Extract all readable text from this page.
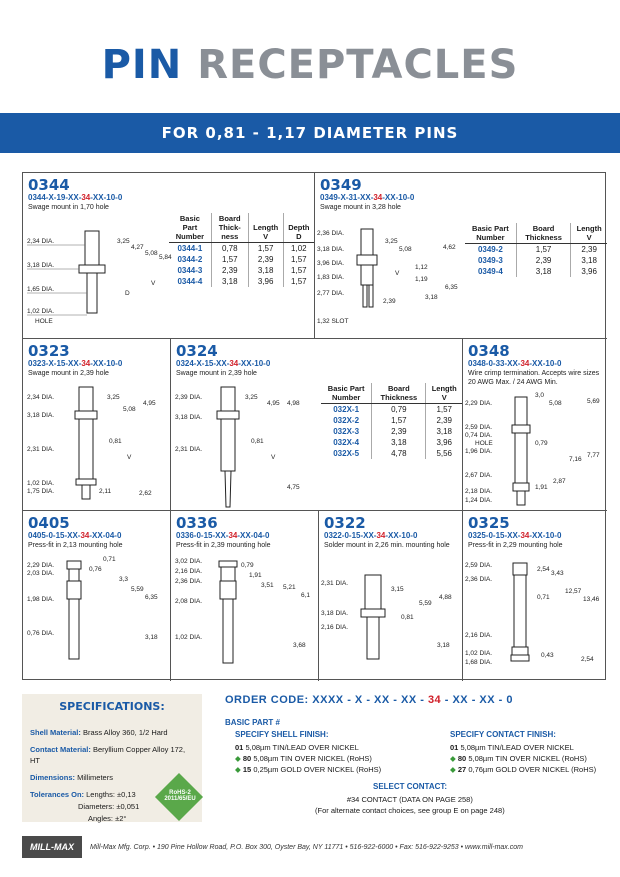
PIN RECEPTACLES
FOR 0,81 - 1,17 DIAMETER PINS
0344
0344-X-19-XX-34-XX-10-0
Swage mount in 1,70 hole
Basic Part Number	Board Thick-ness	Length V	Depth D
0344-1	0,78	1,57	1,02
0344-2	1,57	2,39	1,57
0344-3	2,39	3,18	1,57
0344-4	3,18	3,96	1,57
2,34 DIA.	3,25
4,27
5,08
5,84
3,18 DIA.
1,65 DIA.
D
V
1,02 DIA.
HOLE
0349
0349-X-31-XX-34-XX-10-0
Swage mount in 3,28 hole
Basic Part Number	Board Thickness	Length V
0349-2	1,57	2,39
0349-3	2,39	3,18
0349-4	3,18	3,96
2,36 DIA.
3,25
5,08	4,62
3,18 DIA.
3,96 DIA.
1,12
1,83 DIA.	1,19
6,35
2,77 DIA.
3,18
2,39
1,32 SLOT
V
0323
0323-X-15-XX-34-XX-10-0
Swage mount in 2,39 hole
2,34 DIA.	3,25
5,08
4,95
3,18 DIA.
0,81
2,31 DIA.
V
1,02 DIA.
1,75 DIA.	2,11	2,62
0324
0324-X-15-XX-34-XX-10-0
Swage mount in 2,39 hole
Basic Part Number	Board Thickness	Length V
032X-1	0,79	1,57
032X-2	1,57	2,39
032X-3	2,39	3,18
032X-4	3,18	3,96
032X-5	4,78	5,56
2,39 DIA.	3,25
4,95 4,98
3,18 DIA.
0,81
2,31 DIA.
V
4,75
0348
0348-0-33-XX-34-XX-10-0
Wire crimp termination. Accepts wire sizes 20 AWG Max. / 24 AWG Min.
2,29 DIA.
3,0
5,08	5,69
2,59 DIA.
0,74 DIA.
HOLE
1,96 DIA.
0,79
7,16
7,77
2,67 DIA.
2,87
1,91
2,18 DIA.
1,24 DIA.
0405
0405-0-15-XX-34-XX-04-0
Press-fit in 2,13 mounting hole
2,29 DIA.
0,71
2,03 DIA.
0,76
3,3
5,59
6,35
1,98 DIA.
0,76 DIA.
3,18
0336
0336-0-15-XX-34-XX-04-0
Press-fit in 2,39 mounting hole
3,02 DIA.
0,79
2,16 DIA.
1,91
3,51
2,36 DIA.
5,21
6,1
2,08 DIA.
1,02 DIA.
3,68
0322
0322-0-15-XX-34-XX-10-0
Solder mount in 2,26 min. mounting hole
2,31 DIA.
3,15
5,59
4,88
3,18 DIA.
0,81
2,16 DIA.
3,18
0325
0325-0-15-XX-34-XX-10-0
Press-fit in 2,29 mounting hole
2,59 DIA.
2,54
3,43
2,36 DIA.
12,57
13,46
0,71
2,16 DIA.
1,02 DIA.
1,68 DIA.
0,43
2,54
SPECIFICATIONS:

Shell Material: Brass Alloy 360, 1/2 Hard

Contact Material: Beryllium Copper Alloy 172, HT

Dimensions: Millimeters

Tolerances On: Lengths: ±0,13
Diameters: ±0,051
Angles: ±2°

RoHS-2
2011/65/EU
ORDER CODE: XXXX - X - XX - XX - 34 - XX - XX - 0
BASIC PART #
SPECIFY SHELL FINISH:
01 5,08µm TIN/LEAD OVER NICKEL
◆ 80 5,08µm TIN OVER NICKEL (RoHS)
◆ 15 0,25µm GOLD OVER NICKEL (RoHS)
SPECIFY CONTACT FINISH:
01 5,08µm TIN/LEAD OVER NICKEL
◆ 80 5,08µm TIN OVER NICKEL (RoHS)
◆ 27 0,76µm GOLD OVER NICKEL (RoHS)
SELECT CONTACT:
#34 CONTACT (DATA ON PAGE 258)
(For alternate contact choices, see group E on page 248)
MILL-MAX	Mill-Max Mfg. Corp. • 190 Pine Hollow Road, P.O. Box 300, Oyster Bay, NY 11771 • 516-922-6000 • Fax: 516-922-9253 • www.mill-max.com
